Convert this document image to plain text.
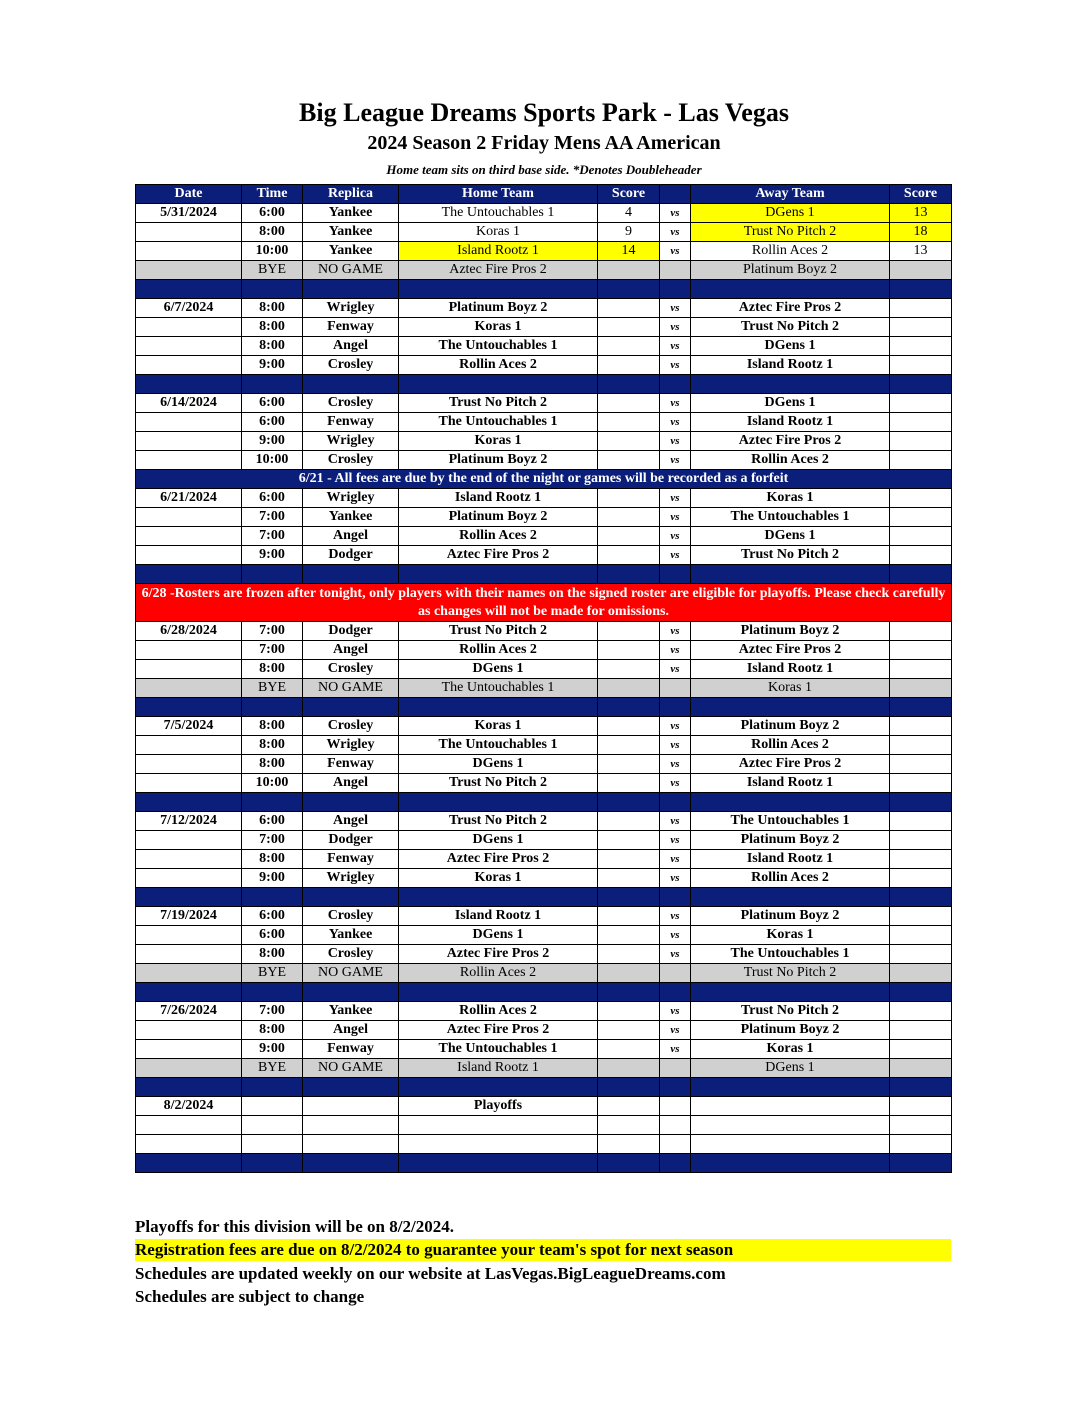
Big League Dreams Sports Park - Las Vegas
2024 Season 2 Friday Mens AA American
Home team sits on third base side. *Denotes Doubleheader
Date	Time	Replica	Home Team	Score		Away Team	Score
5/31/2024	6:00	Yankee	The Untouchables 1	4	vs	DGens 1	13
	8:00	Yankee	Koras 1	9	vs	Trust No Pitch 2	18
	10:00	Yankee	Island Rootz 1	14	vs	Rollin Aces 2	13
	BYE	NO GAME	Aztec Fire Pros 2			Platinum Boyz 2	

6/7/2024	8:00	Wrigley	Platinum Boyz 2		vs	Aztec Fire Pros 2	
	8:00	Fenway	Koras 1		vs	Trust No Pitch 2	
	8:00	Angel	The Untouchables 1		vs	DGens 1	
	9:00	Crosley	Rollin Aces 2		vs	Island Rootz 1	

6/14/2024	6:00	Crosley	Trust No Pitch 2		vs	DGens 1	
	6:00	Fenway	The Untouchables 1		vs	Island Rootz 1	
	9:00	Wrigley	Koras 1		vs	Aztec Fire Pros 2	
	10:00	Crosley	Platinum Boyz 2		vs	Rollin Aces 2	
6/21 - All fees are due by the end of the night or games will be recorded as a forfeit							
6/21/2024	6:00	Wrigley	Island Rootz 1		vs	Koras 1	
	7:00	Yankee	Platinum Boyz 2		vs	The Untouchables 1	
	7:00	Angel	Rollin Aces 2		vs	DGens 1	
	9:00	Dodger	Aztec Fire Pros 2		vs	Trust No Pitch 2	

6/28 -Rosters are frozen after tonight, only players with their names on the signed roster are eligible for playoffs. Please check carefully as changes will not be made for omissions.							
6/28/2024	7:00	Dodger	Trust No Pitch 2		vs	Platinum Boyz 2	
	7:00	Angel	Rollin Aces 2		vs	Aztec Fire Pros 2	
	8:00	Crosley	DGens 1		vs	Island Rootz 1	
	BYE	NO GAME	The Untouchables 1			Koras 1	

7/5/2024	8:00	Crosley	Koras 1		vs	Platinum Boyz 2	
	8:00	Wrigley	The Untouchables 1		vs	Rollin Aces 2	
	8:00	Fenway	DGens 1		vs	Aztec Fire Pros 2	
	10:00	Angel	Trust No Pitch 2		vs	Island Rootz 1	

7/12/2024	6:00	Angel	Trust No Pitch 2		vs	The Untouchables 1	
	7:00	Dodger	DGens 1		vs	Platinum Boyz 2	
	8:00	Fenway	Aztec Fire Pros 2		vs	Island Rootz 1	
	9:00	Wrigley	Koras 1		vs	Rollin Aces 2	

7/19/2024	6:00	Crosley	Island Rootz 1		vs	Platinum Boyz 2	
	6:00	Yankee	DGens 1		vs	Koras 1	
	8:00	Crosley	Aztec Fire Pros 2		vs	The Untouchables 1	
	BYE	NO GAME	Rollin Aces 2			Trust No Pitch 2	

7/26/2024	7:00	Yankee	Rollin Aces 2		vs	Trust No Pitch 2	
	8:00	Angel	Aztec Fire Pros 2		vs	Platinum Boyz 2	
	9:00	Fenway	The Untouchables 1		vs	Koras 1	
	BYE	NO GAME	Island Rootz 1			DGens 1	

8/2/2024			Playoffs				

Playoffs for this division will be on 8/2/2024.
Registration fees are due on 8/2/2024 to guarantee your team's spot for next season
Schedules are updated weekly on our website at LasVegas.BigLeagueDreams.com
Schedules are subject to change
